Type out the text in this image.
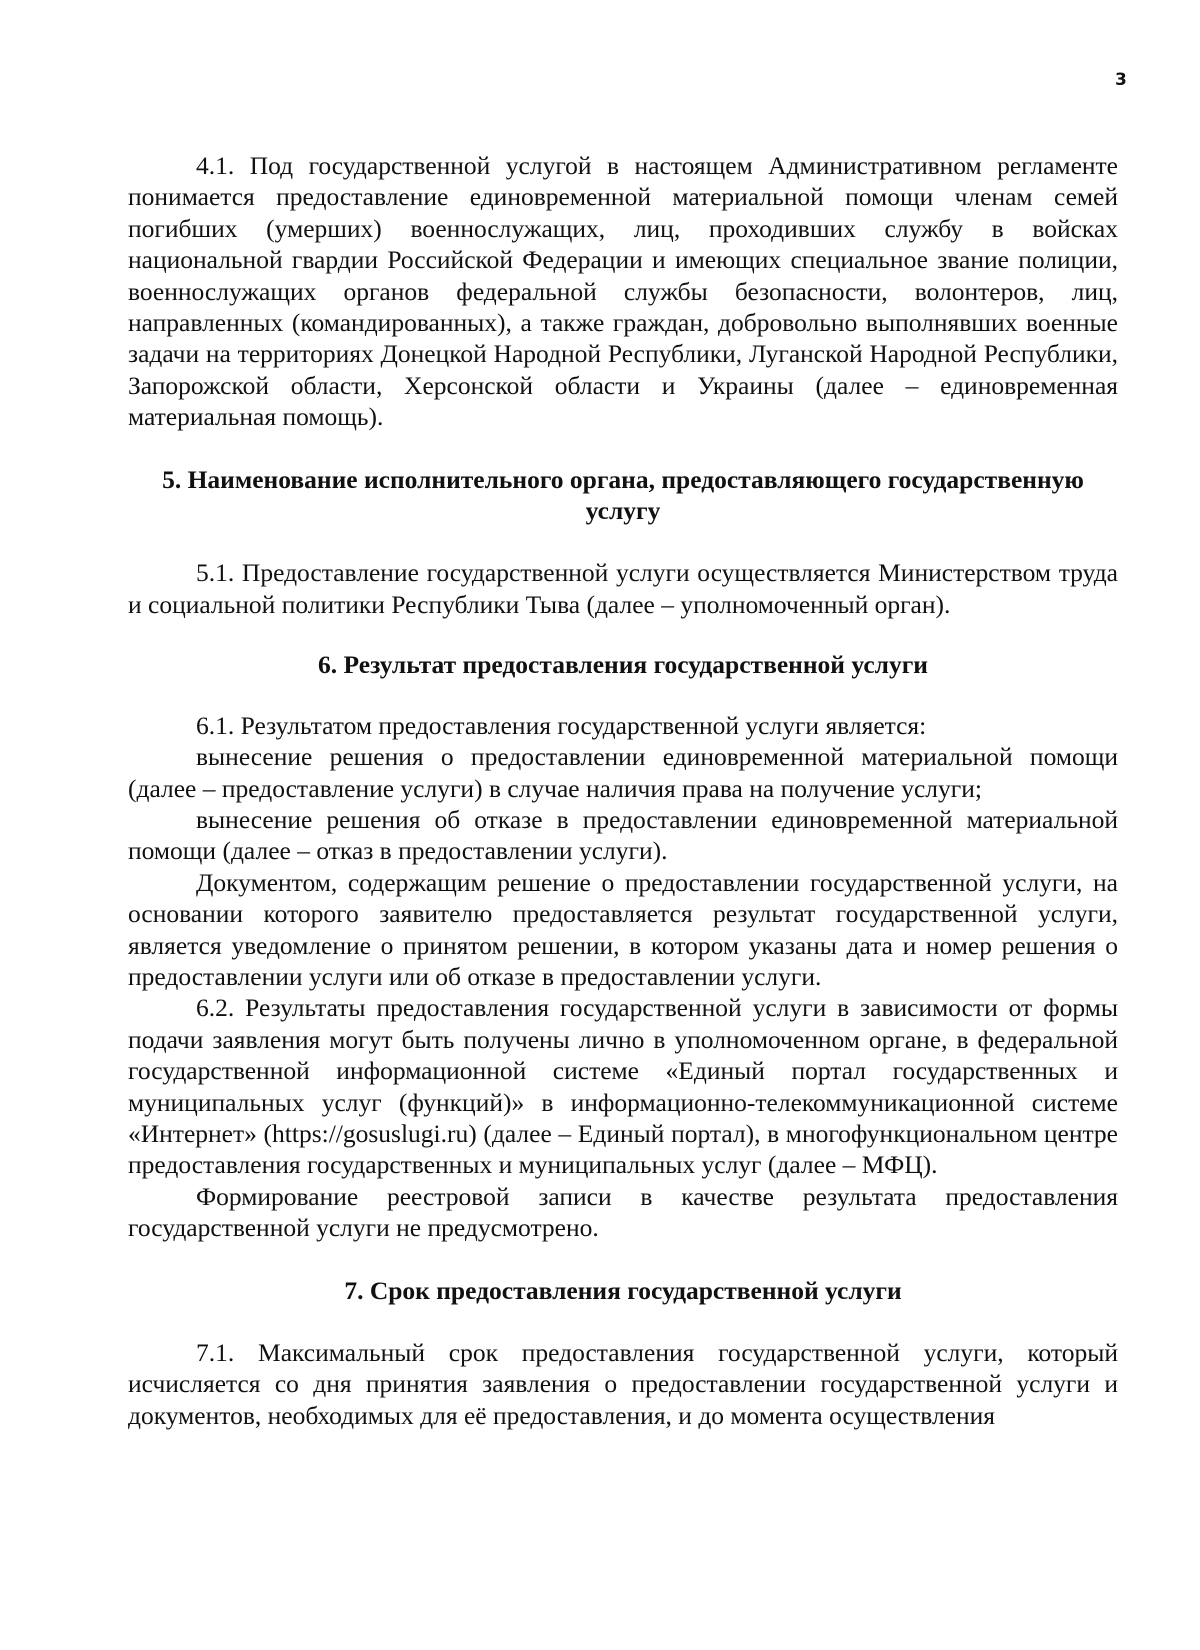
3

4.1. Под государственной услугой в настоящем Административном регламенте понимается предоставление единовременной материальной помощи членам семей погибших (умерших) военнослужащих, лиц, проходивших службу в войсках национальной гвардии Российской Федерации и имеющих специальное звание полиции, военнослужащих органов федеральной службы безопасности, волонтеров, лиц, направленных (командированных), а также граждан, добровольно выполнявших военные задачи на территориях Донецкой Народной Республики, Луганской Народной Республики, Запорожской области, Херсонской области и Украины (далее – единовременная материальная помощь).

5. Наименование исполнительного органа, предоставляющего государственную услугу

5.1. Предоставление государственной услуги осуществляется Министерством труда и социальной политики Республики Тыва (далее – уполномоченный орган).

6. Результат предоставления государственной услуги

6.1. Результатом предоставления государственной услуги является:

вынесение решения о предоставлении единовременной материальной помощи (далее – предоставление услуги) в случае наличия права на получение услуги;

вынесение решения об отказе в предоставлении единовременной материальной помощи (далее – отказ в предоставлении услуги).

Документом, содержащим решение о предоставлении государственной услуги, на основании которого заявителю предоставляется результат государственной услуги, является уведомление о принятом решении, в котором указаны дата и номер решения о предоставлении услуги или об отказе в предоставлении услуги.

6.2. Результаты предоставления государственной услуги в зависимости от формы подачи заявления могут быть получены лично в уполномоченном органе, в федеральной государственной информационной системе «Единый портал государственных и муниципальных услуг (функций)» в информационно-телекоммуникационной системе «Интернет» (https://gosuslugi.ru) (далее – Единый портал), в многофункциональном центре предоставления государственных и муниципальных услуг (далее – МФЦ).

Формирование реестровой записи в качестве результата предоставления государственной услуги не предусмотрено.

7. Срок предоставления государственной услуги

7.1. Максимальный срок предоставления государственной услуги, который исчисляется со дня принятия заявления о предоставлении государственной услуги и документов, необходимых для её предоставления, и до момента осуществления
